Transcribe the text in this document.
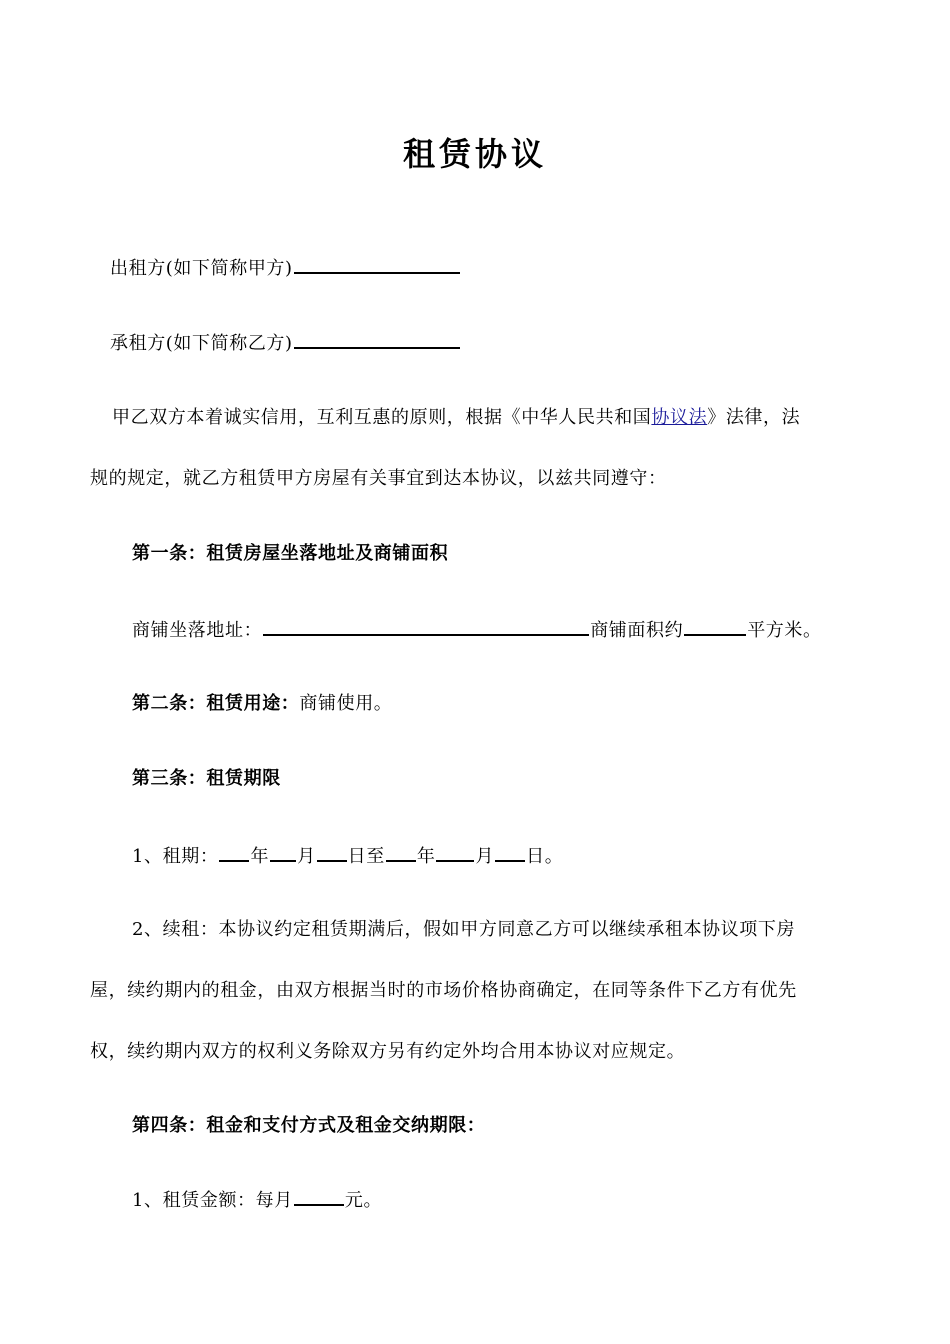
租赁协议
出租方(如下简称甲方)
承租方(如下简称乙方)
甲乙双方本着诚实信用，互利互惠的原则，根据《中华人民共和国协议法》法律，法
规的规定，就乙方租赁甲方房屋有关事宜到达本协议，以兹共同遵守：
第一条：租赁房屋坐落地址及商铺面积
商铺坐落地址：	商铺面积约	平方米。
第二条：租赁用途：商铺使用。
第三条：租赁期限
1、租期： 年 月 日至 年 月 日。
2、续租：本协议约定租赁期满后，假如甲方同意乙方可以继续承租本协议项下房
屋，续约期内的租金，由双方根据当时的市场价格协商确定，在同等条件下乙方有优先
权，续约期内双方的权利义务除双方另有约定外均合用本协议对应规定。
第四条：租金和支付方式及租金交纳期限：
1、租赁金额：每月	元。
